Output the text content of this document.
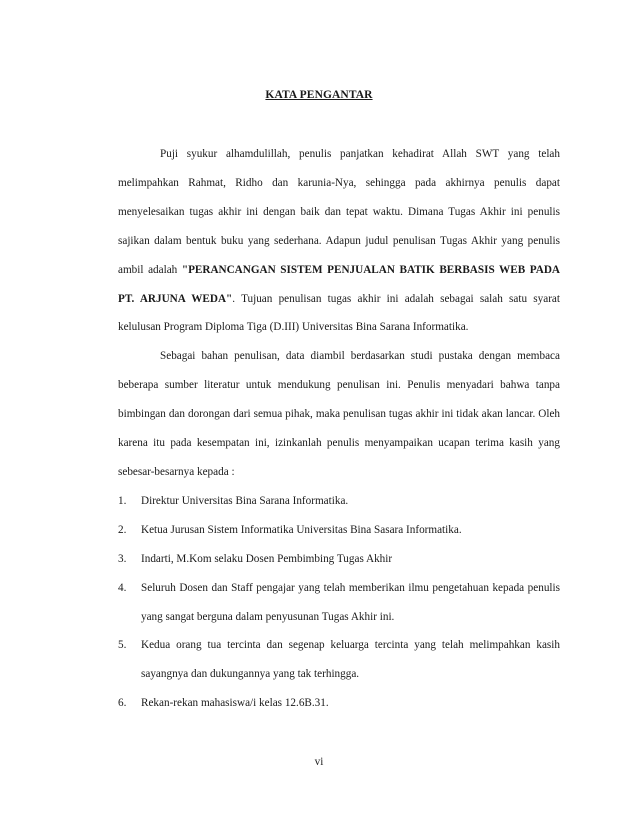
KATA PENGANTAR

Puji syukur alhamdulillah, penulis panjatkan kehadirat Allah SWT yang telah melimpahkan Rahmat, Ridho dan karunia-Nya, sehingga pada akhirnya penulis dapat menyelesaikan tugas akhir ini dengan baik dan tepat waktu. Dimana Tugas Akhir ini penulis sajikan dalam bentuk buku yang sederhana. Adapun judul penulisan Tugas Akhir yang penulis ambil adalah "PERANCANGAN SISTEM PENJUALAN BATIK BERBASIS WEB PADA PT. ARJUNA WEDA". Tujuan penulisan tugas akhir ini adalah sebagai salah satu syarat kelulusan Program Diploma Tiga (D.III) Universitas Bina Sarana Informatika.

Sebagai bahan penulisan, data diambil berdasarkan studi pustaka dengan membaca beberapa sumber literatur untuk mendukung penulisan ini. Penulis menyadari bahwa tanpa bimbingan dan dorongan dari semua pihak, maka penulisan tugas akhir ini tidak akan lancar. Oleh karena itu pada kesempatan ini, izinkanlah penulis menyampaikan ucapan terima kasih yang sebesar-besarnya kepada :

1. Direktur Universitas Bina Sarana Informatika.
2. Ketua Jurusan Sistem Informatika Universitas Bina Sasara Informatika.
3. Indarti, M.Kom selaku Dosen Pembimbing Tugas Akhir
4. Seluruh Dosen dan Staff pengajar yang telah memberikan ilmu pengetahuan kepada penulis yang sangat berguna dalam penyusunan Tugas Akhir ini.
5. Kedua orang tua tercinta dan segenap keluarga tercinta yang telah melimpahkan kasih sayangnya dan dukungannya yang tak terhingga.
6. Rekan-rekan mahasiswa/i kelas 12.6B.31.
vi
